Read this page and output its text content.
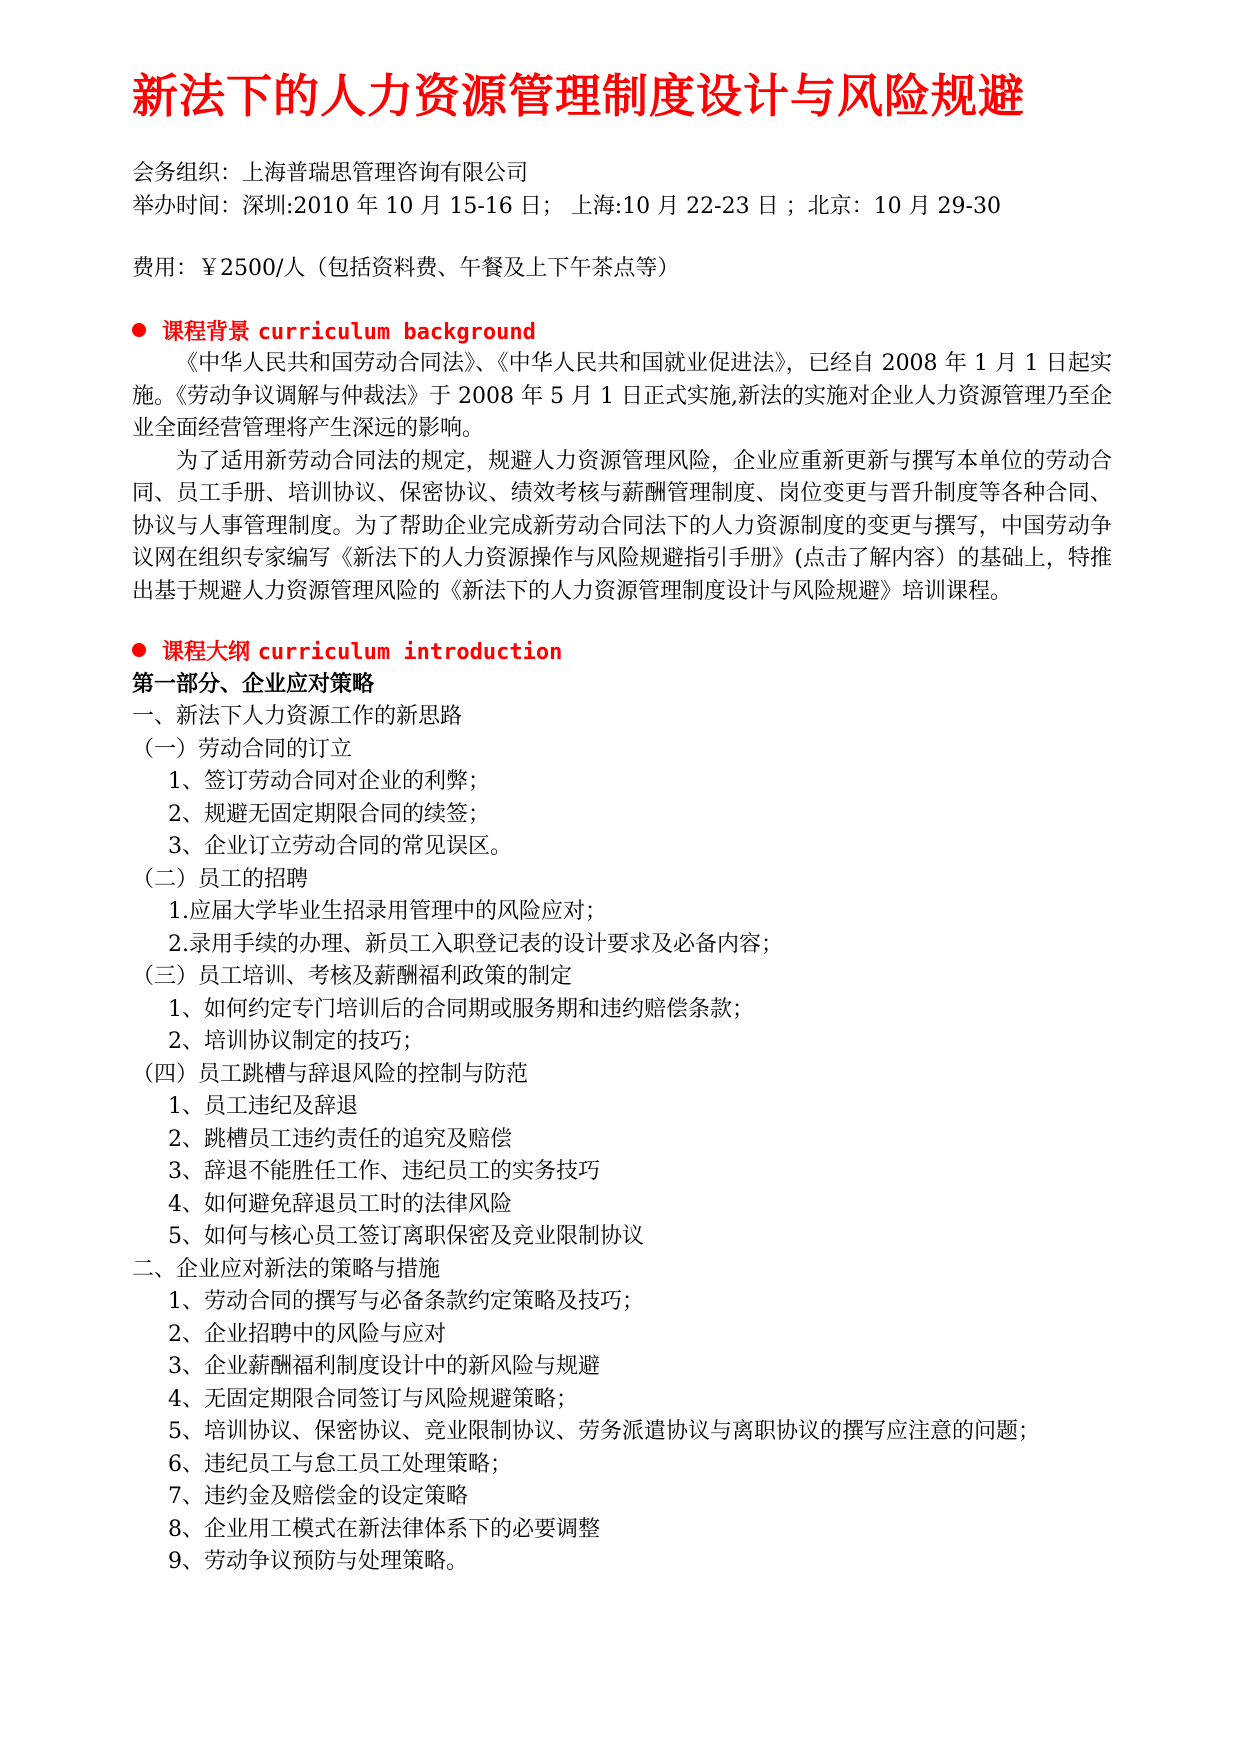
新法下的人力资源管理制度设计与风险规避
会务组织：上海普瑞思管理咨询有限公司
举办时间：深圳:2010 年 10 月 15-16 日； 上海:10 月 22-23 日 ；北京：10 月 29-30
费用：￥2500/人（包括资料费、午餐及上下午茶点等）
课程背景 curriculum background

《中华人民共和国劳动合同法》、《中华人民共和国就业促进法》，已经自 2008 年 1 月 1 日起实施。《劳动争议调解与仲裁法》于 2008 年 5 月 1 日正式实施,新法的实施对企业人力资源管理乃至企业全面经营管理将产生深远的影响。

为了适用新劳动合同法的规定，规避人力资源管理风险，企业应重新更新与撰写本单位的劳动合同、员工手册、培训协议、保密协议、绩效考核与薪酬管理制度、岗位变更与晋升制度等各种合同、协议与人事管理制度。为了帮助企业完成新劳动合同法下的人力资源制度的变更与撰写，中国劳动争议网在组织专家编写《新法下的人力资源操作与风险规避指引手册》(点击了解内容）的基础上，特推出基于规避人力资源管理风险的《新法下的人力资源管理制度设计与风险规避》培训课程。

课程大纲 curriculum introduction
第一部分、企业应对策略
一、新法下人力资源工作的新思路
（一）劳动合同的订立
1、签订劳动合同对企业的利弊；
2、规避无固定期限合同的续签；
3、企业订立劳动合同的常见误区。
（二）员工的招聘
1.应届大学毕业生招录用管理中的风险应对；
2.录用手续的办理、新员工入职登记表的设计要求及必备内容；
（三）员工培训、考核及薪酬福利政策的制定
1、如何约定专门培训后的合同期或服务期和违约赔偿条款；
2、培训协议制定的技巧；
（四）员工跳槽与辞退风险的控制与防范
1、员工违纪及辞退
2、跳槽员工违约责任的追究及赔偿
3、辞退不能胜任工作、违纪员工的实务技巧
4、如何避免辞退员工时的法律风险
5、如何与核心员工签订离职保密及竞业限制协议
二、企业应对新法的策略与措施
1、劳动合同的撰写与必备条款约定策略及技巧；
2、企业招聘中的风险与应对
3、企业薪酬福利制度设计中的新风险与规避
4、无固定期限合同签订与风险规避策略；
5、培训协议、保密协议、竞业限制协议、劳务派遣协议与离职协议的撰写应注意的问题；
6、违纪员工与怠工员工处理策略；
7、违约金及赔偿金的设定策略
8、企业用工模式在新法律体系下的必要调整
9、劳动争议预防与处理策略。
